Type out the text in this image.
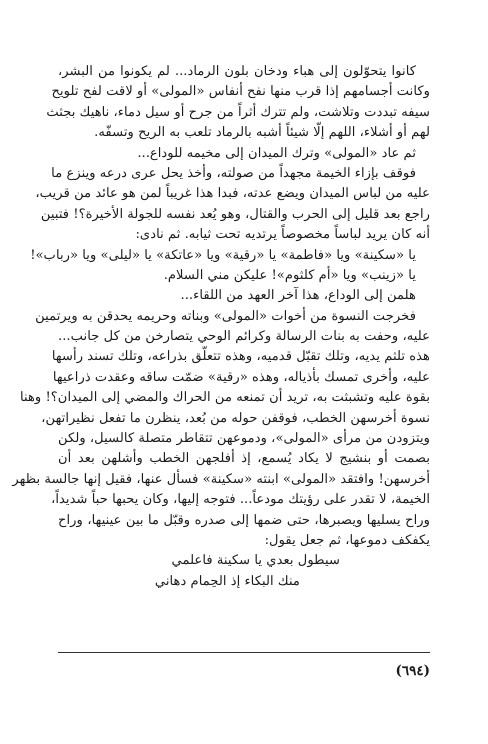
كانوا يتحوّلون إلى هباء ودخان بلون الرماد... لم يكونوا من البشر،
وكانت أجسامهم إذا قرب منها نفح أنفاس «المولى» أو لاقت لفح تلويح
سيفه تبددت وتلاشت، ولم تترك أثراً من جرح أو سيل دماء، ناهيك بجثث
لهم أو أشلاء، اللهم إلّا شيئاً أشبه بالرماد تلعب به الريح وتسفّه.
ثم عاد «المولى» وترك الميدان إلى مخيمه للوداع...
فوقف بإزاء الخيمة مجهداً من صولته، وأخذ يحل عرى درعه وينزع ما
عليه من لباس الميدان ويضع عدته، فبدا هذا غريباً لمن هو عائد من قريب،
راجع بعد قليل إلى الحرب والقتال، وهو يُعد نفسه للجولة الأخيرة؟! فتبين
أنه كان يريد لباساً مخصوصاً يرتديه تحت ثيابه. ثم نادى:
يا «سكينة» ويا «فاطمة» يا «رقية» ويا «عاتكة» يا «ليلى» ويا «رباب»!
يا «زينب» ويا «أم كلثوم»! عليكن مني السلام.
هلمن إلى الوداع، هذا آخر العهد من اللقاء...
فخرجت النسوة من أخوات «المولى» وبناته وحريمه يحدقن به ويرتمين
عليه، وحفت به بنات الرسالة وكرائم الوحي يتصارخن من كل جانب...
هذه تلثم يديه، وتلك تقبّل قدميه، وهذه تتعلّق بذراعه، وتلك تسند رأسها
عليه، وأخرى تمسك بأذياله، وهذه «رقية» ضمّت ساقه وعقدت ذراعيها
بقوة عليه وتشبثت به، تريد أن تمنعه من الحراك والمضي إلى الميدان؟! وهنا
نسوة أخرسهن الخطب، فوقفن حوله من بُعد، ينظرن ما تفعل نظيراتهن،
ويتزودن من مرأى «المولى»، ودموعهن تتقاطر متصلة كالسيل، ولكن
بصمت أو بنشيج لا يكاد يُسمع، إذ أفلجهن الخطب وأشلهن بعد أن
أخرسهن! وافتقد «المولى» ابنته «سكينة» فسأل عنها، فقيل إنها جالسة بظهر
الخيمة، لا تقدر على رؤيتك مودعاً... فتوجه إليها، وكان يحبها حباً شديداً،
وراح يسليها ويصبرها، حتى ضمها إلى صدره وقبّل ما بين عينيها، وراح
يكفكف دموعها، ثم جعل يقول:
سيطول بعدي يا سكينة فاعلمي
منك البكاء إذ الحِمام دهاني
(٦٩٤)
